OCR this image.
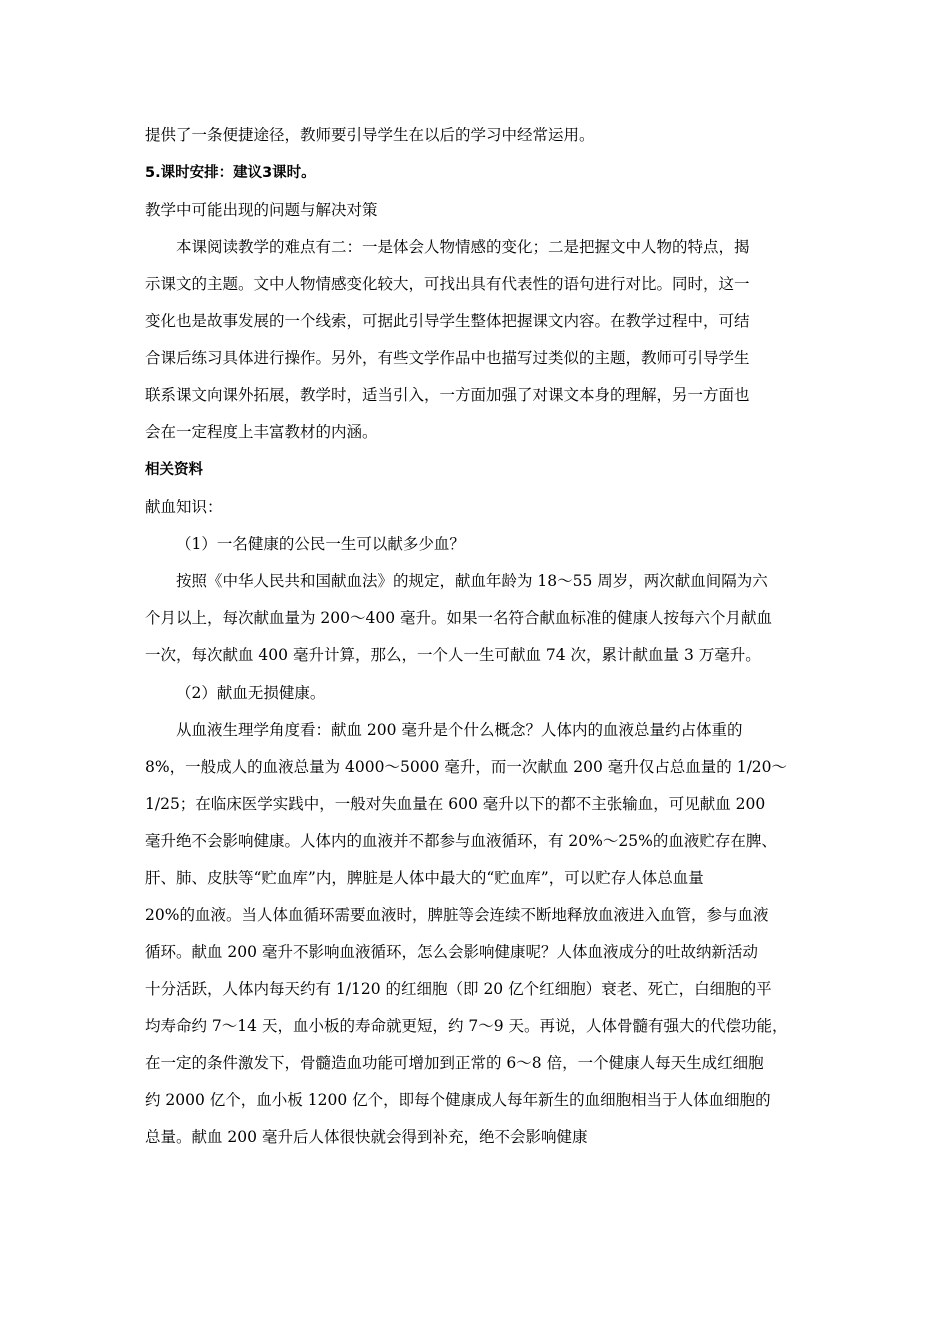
提供了一条便捷途径，教师要引导学生在以后的学习中经常运用。
5.课时安排：建议3课时。
教学中可能出现的问题与解决对策
本课阅读教学的难点有二：一是体会人物情感的变化；二是把握文中人物的特点，揭
示课文的主题。文中人物情感变化较大，可找出具有代表性的语句进行对比。同时，这一
变化也是故事发展的一个线索，可据此引导学生整体把握课文内容。在教学过程中，可结
合课后练习具体进行操作。另外，有些文学作品中也描写过类似的主题，教师可引导学生
联系课文向课外拓展，教学时，适当引入，一方面加强了对课文本身的理解，另一方面也
会在一定程度上丰富教材的内涵。
相关资料
献血知识：
（1）一名健康的公民一生可以献多少血？
按照《中华人民共和国献血法》的规定，献血年龄为 18～55 周岁，两次献血间隔为六
个月以上，每次献血量为 200～400 毫升。如果一名符合献血标准的健康人按每六个月献血
一次，每次献血 400 毫升计算，那么，一个人一生可献血 74 次，累计献血量 3 万毫升。
（2）献血无损健康。
从血液生理学角度看：献血 200 毫升是个什么概念？人体内的血液总量约占体重的
8%，一般成人的血液总量为 4000～5000 毫升，而一次献血 200 毫升仅占总血量的 1/20～
1/25；在临床医学实践中，一般对失血量在 600 毫升以下的都不主张输血，可见献血 200
毫升绝不会影响健康。人体内的血液并不都参与血液循环，有 20%～25%的血液贮存在脾、
肝、肺、皮肤等“贮血库”内，脾脏是人体中最大的“贮血库”，可以贮存人体总血量
20%的血液。当人体血循环需要血液时，脾脏等会连续不断地释放血液进入血管，参与血液
循环。献血 200 毫升不影响血液循环，怎么会影响健康呢？人体血液成分的吐故纳新活动
十分活跃，人体内每天约有 1/120 的红细胞（即 20 亿个红细胞）衰老、死亡，白细胞的平
均寿命约 7～14 天，血小板的寿命就更短，约 7～9 天。再说，人体骨髓有强大的代偿功能，
在一定的条件激发下，骨髓造血功能可增加到正常的 6～8 倍，一个健康人每天生成红细胞
约 2000 亿个，血小板 1200 亿个，即每个健康成人每年新生的血细胞相当于人体血细胞的
总量。献血 200 毫升后人体很快就会得到补充，绝不会影响健康
